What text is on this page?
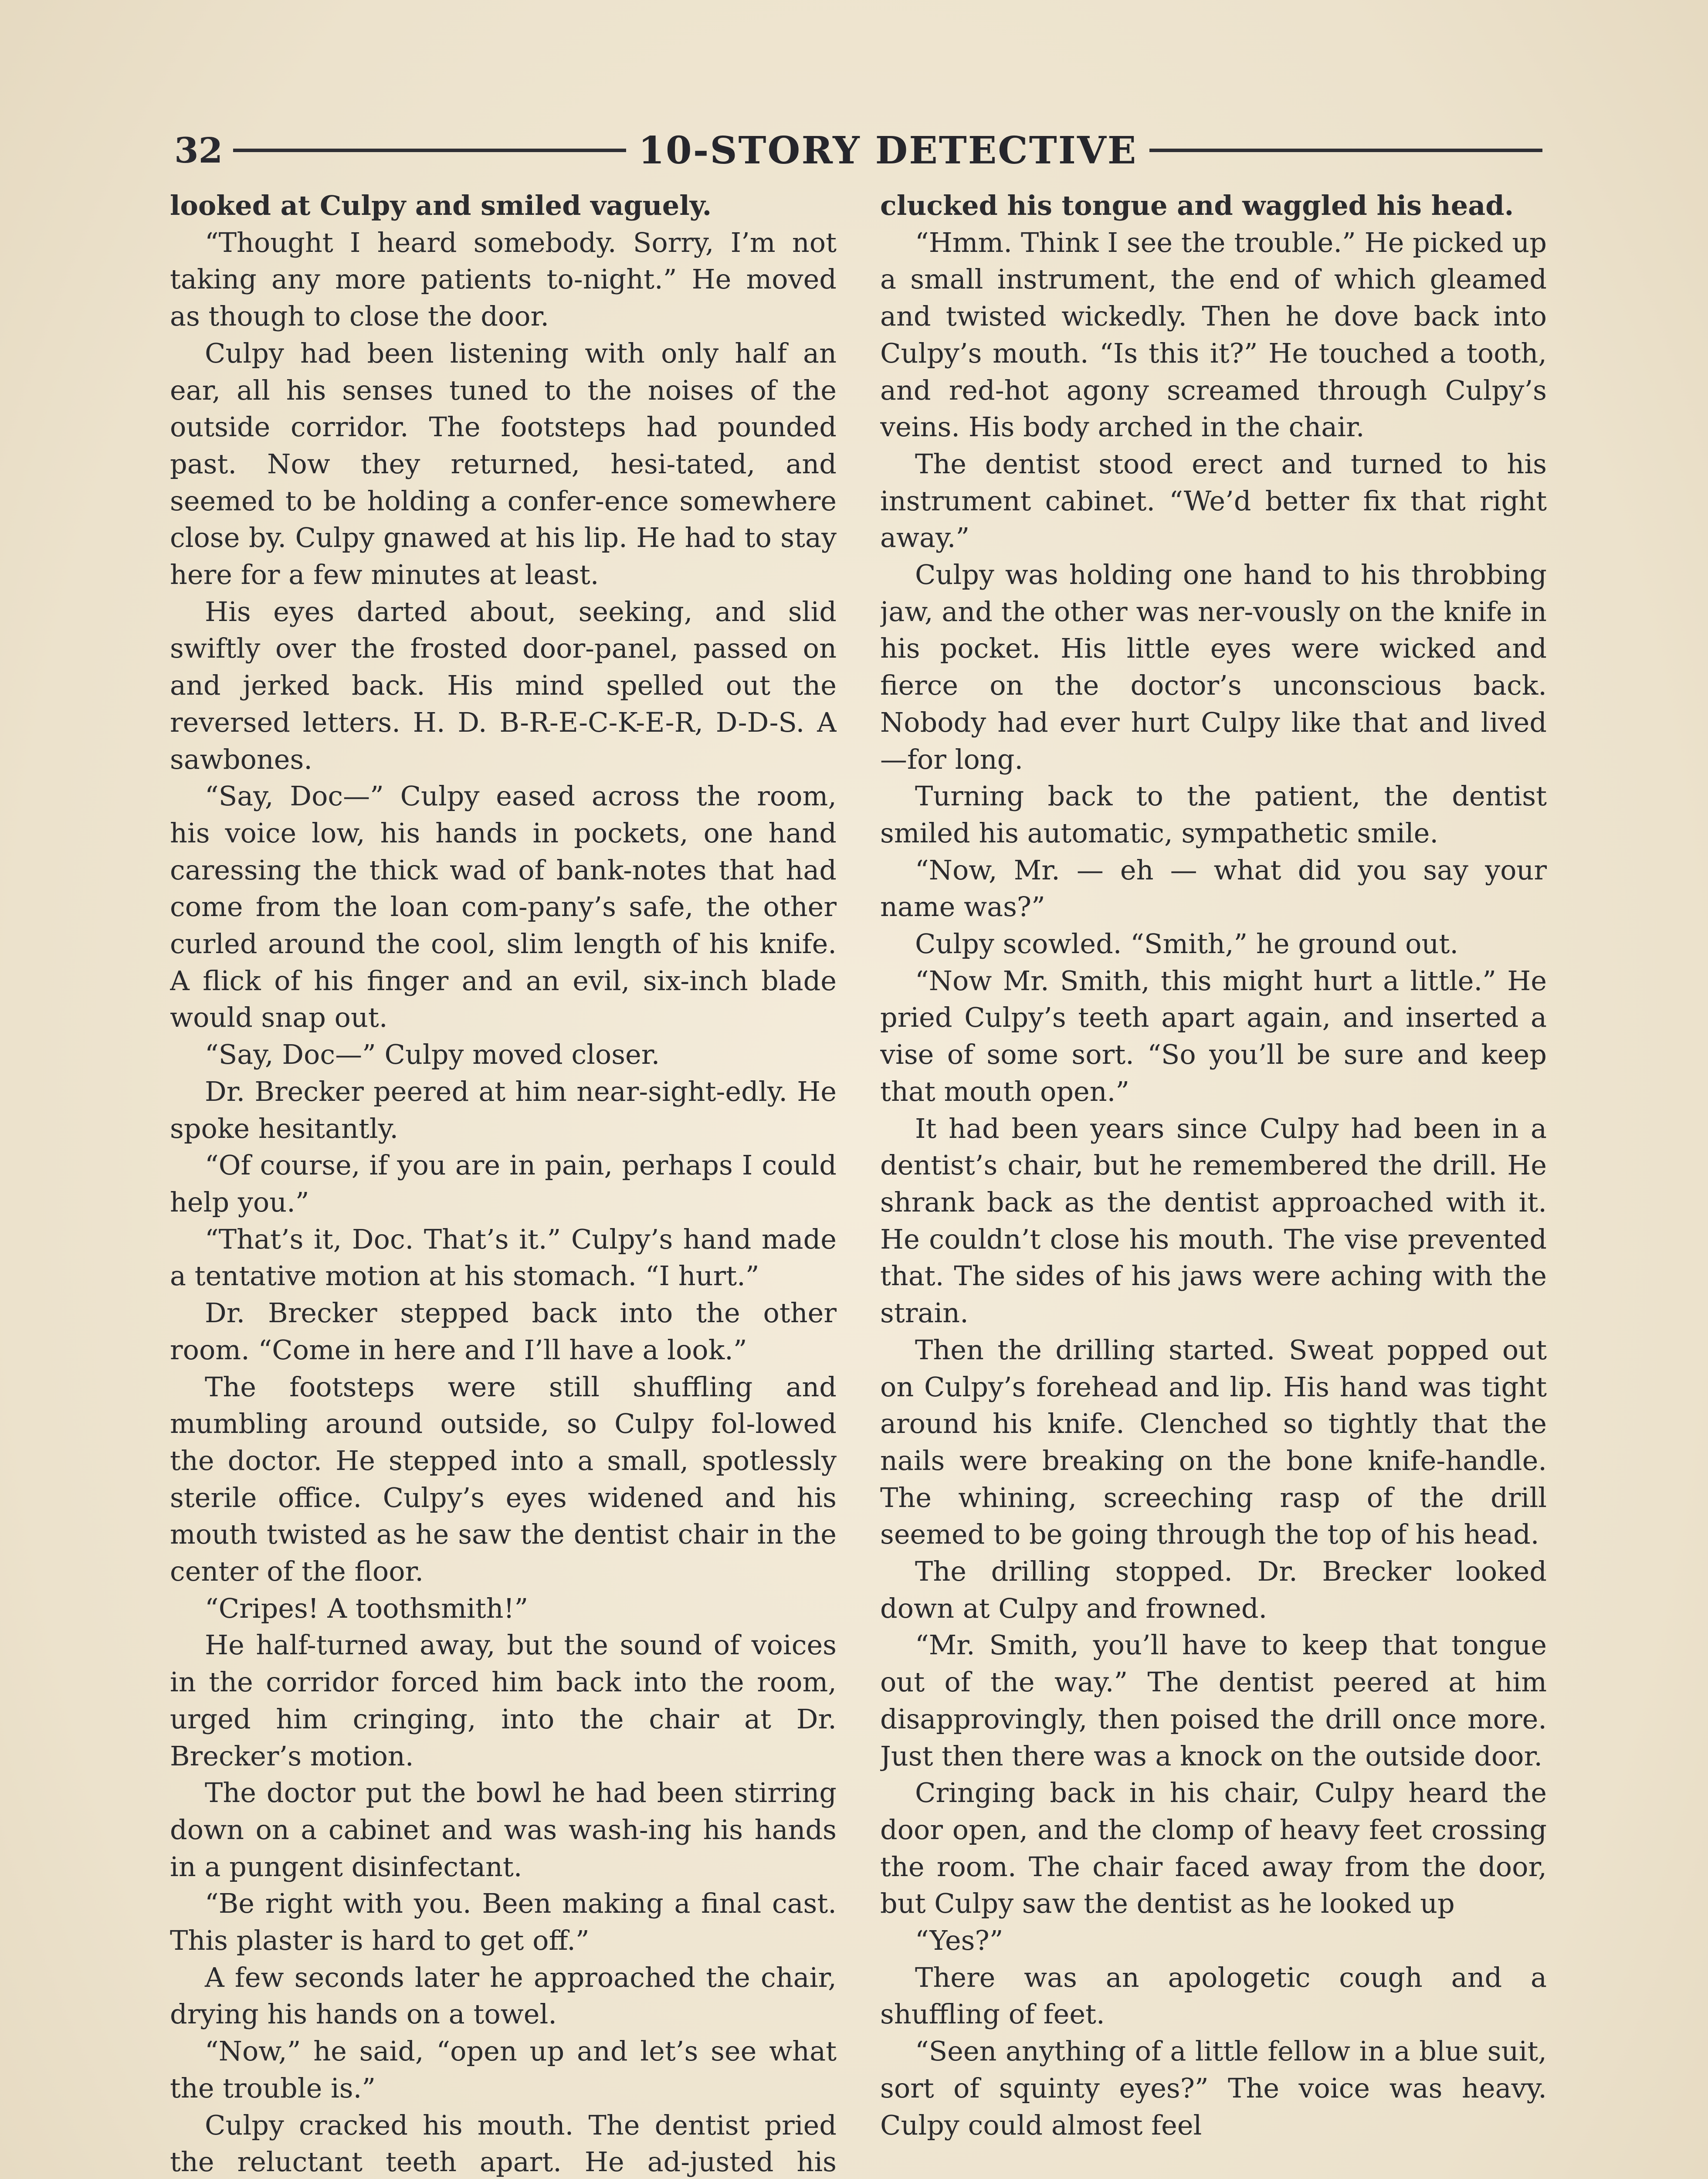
32	10-STORY DETECTIVE

looked at Culpy and smiled vaguely.

“Thought I heard somebody. Sorry, I’m not taking any more patients to-night.” He moved as though to close the door.

Culpy had been listening with only half an ear, all his senses tuned to the noises of the outside corridor. The footsteps had pounded past. Now they returned, hesi-tated, and seemed to be holding a confer-ence somewhere close by. Culpy gnawed at his lip. He had to stay here for a few minutes at least.

His eyes darted about, seeking, and slid swiftly over the frosted door-panel, passed on and jerked back. His mind spelled out the reversed letters. H. D. B-R-E-C-K-E-R, D-D-S. A sawbones.

“Say, Doc—” Culpy eased across the room, his voice low, his hands in pockets, one hand caressing the thick wad of bank-notes that had come from the loan com-pany’s safe, the other curled around the cool, slim length of his knife. A flick of his finger and an evil, six-inch blade would snap out.

“Say, Doc—” Culpy moved closer.

Dr. Brecker peered at him near-sight-edly. He spoke hesitantly.

“Of course, if you are in pain, perhaps I could help you.”

“That’s it, Doc. That’s it.” Culpy’s hand made a tentative motion at his stomach. “I hurt.”

Dr. Brecker stepped back into the other room. “Come in here and I’ll have a look.”

The footsteps were still shuffling and mumbling around outside, so Culpy fol-lowed the doctor. He stepped into a small, spotlessly sterile office. Culpy’s eyes widened and his mouth twisted as he saw the dentist chair in the center of the floor.

“Cripes! A toothsmith!”

He half-turned away, but the sound of voices in the corridor forced him back into the room, urged him cringing, into the chair at Dr. Brecker’s motion.

The doctor put the bowl he had been stirring down on a cabinet and was wash-ing his hands in a pungent disinfectant.

“Be right with you. Been making a final cast. This plaster is hard to get off.”

A few seconds later he approached the chair, drying his hands on a towel.

“Now,” he said, “open up and let’s see what the trouble is.”

Culpy cracked his mouth. The dentist pried the reluctant teeth apart. He ad-justed his

clucked his tongue and waggled his head.

“Hmm. Think I see the trouble.” He picked up a small instrument, the end of which gleamed and twisted wickedly. Then he dove back into Culpy’s mouth. “Is this it?” He touched a tooth, and red-hot agony screamed through Culpy’s veins. His body arched in the chair.

The dentist stood erect and turned to his instrument cabinet. “We’d better fix that right away.”

Culpy was holding one hand to his throbbing jaw, and the other was ner-vously on the knife in his pocket. His little eyes were wicked and fierce on the doctor’s unconscious back. Nobody had ever hurt Culpy like that and lived—for long.

Turning back to the patient, the dentist smiled his automatic, sympathetic smile.

“Now, Mr. — eh — what did you say your name was?”

Culpy scowled. “Smith,” he ground out.

“Now Mr. Smith, this might hurt a little.” He pried Culpy’s teeth apart again, and inserted a vise of some sort. “So you’ll be sure and keep that mouth open.”

It had been years since Culpy had been in a dentist’s chair, but he remembered the drill. He shrank back as the dentist approached with it. He couldn’t close his mouth. The vise prevented that. The sides of his jaws were aching with the strain.

Then the drilling started. Sweat popped out on Culpy’s forehead and lip. His hand was tight around his knife. Clenched so tightly that the nails were breaking on the bone knife-handle. The whining, screeching rasp of the drill seemed to be going through the top of his head.

The drilling stopped. Dr. Brecker looked down at Culpy and frowned.

“Mr. Smith, you’ll have to keep that tongue out of the way.” The dentist peered at him disapprovingly, then poised the drill once more. Just then there was a knock on the outside door.

Cringing back in his chair, Culpy heard the door open, and the clomp of heavy feet crossing the room. The chair faced away from the door, but Culpy saw the dentist as he looked up

“Yes?”

There was an apologetic cough and a shuffling of feet.

“Seen anything of a little fellow in a blue suit, sort of squinty eyes?” The voice was heavy. Culpy could almost feel
